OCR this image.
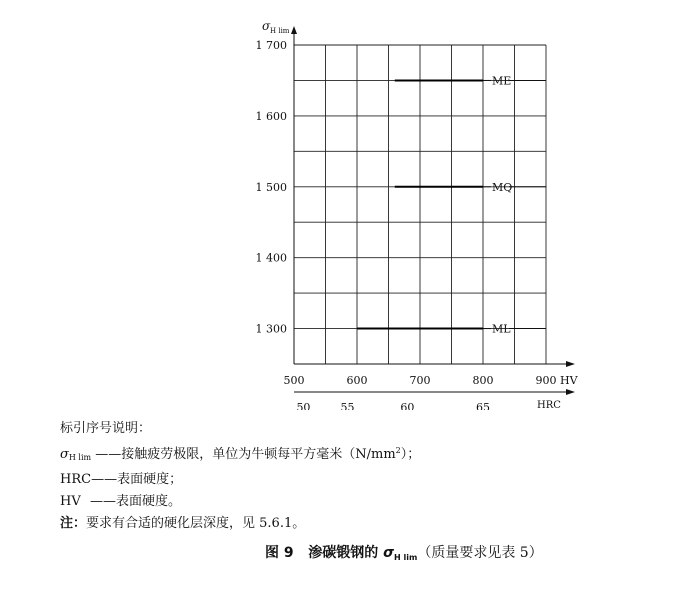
1 700
1 600
1 500
1 400
1 300
500	600	700	800	900
50	55	60	65
HV
HRC
σ H lim
ME
MQ
ML
标引序号说明：
$\sigma_{H lim}$ ——接触疲劳极限，单位为牛顿每平方毫米$(N/mm^2)$；
HRC——表面硬度；
HV ——表面硬度。
注：要求有合适的硬化层深度，见 5.6.1。
图 9 渗碳锻钢的 $\sigma_{H lim}$（质量要求见表 5）
